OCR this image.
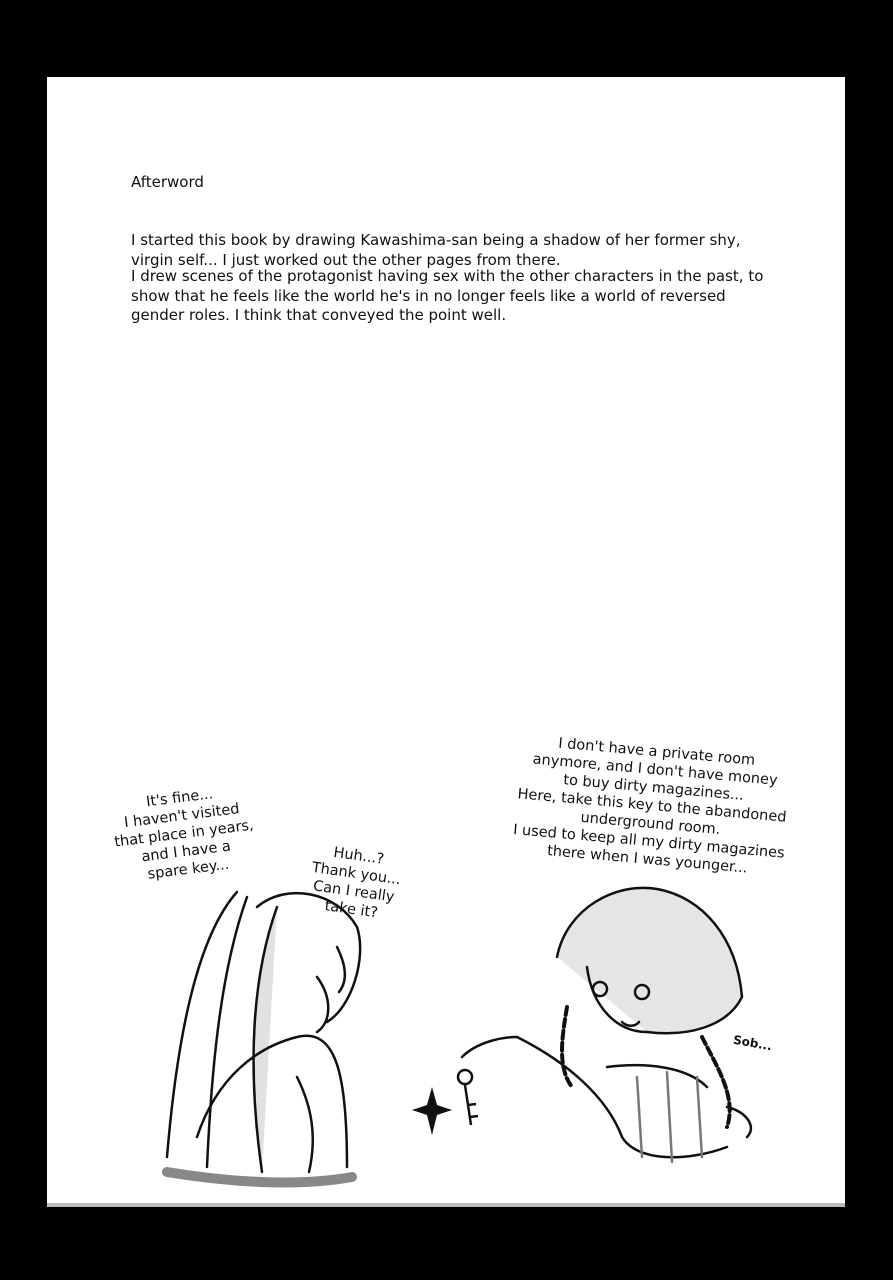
Afterword

I started this book by drawing Kawashima-san being a shadow of her former shy, virgin self... I just worked out the other pages from there.

I drew scenes of the protagonist having sex with the other characters in the past, to show that he feels like the world he's in no longer feels like a world of reversed gender roles. I think that conveyed the point well.

It's fine...
I haven't visited
that place in years,
and I have a
spare key...
Huh...?
Thank you...
Can I really
take it?
I don't have a private room
anymore, and I don't have money
to buy dirty magazines...
Here, take this key to the abandoned
underground room.
I used to keep all my dirty magazines
there when I was younger...
Sob...
